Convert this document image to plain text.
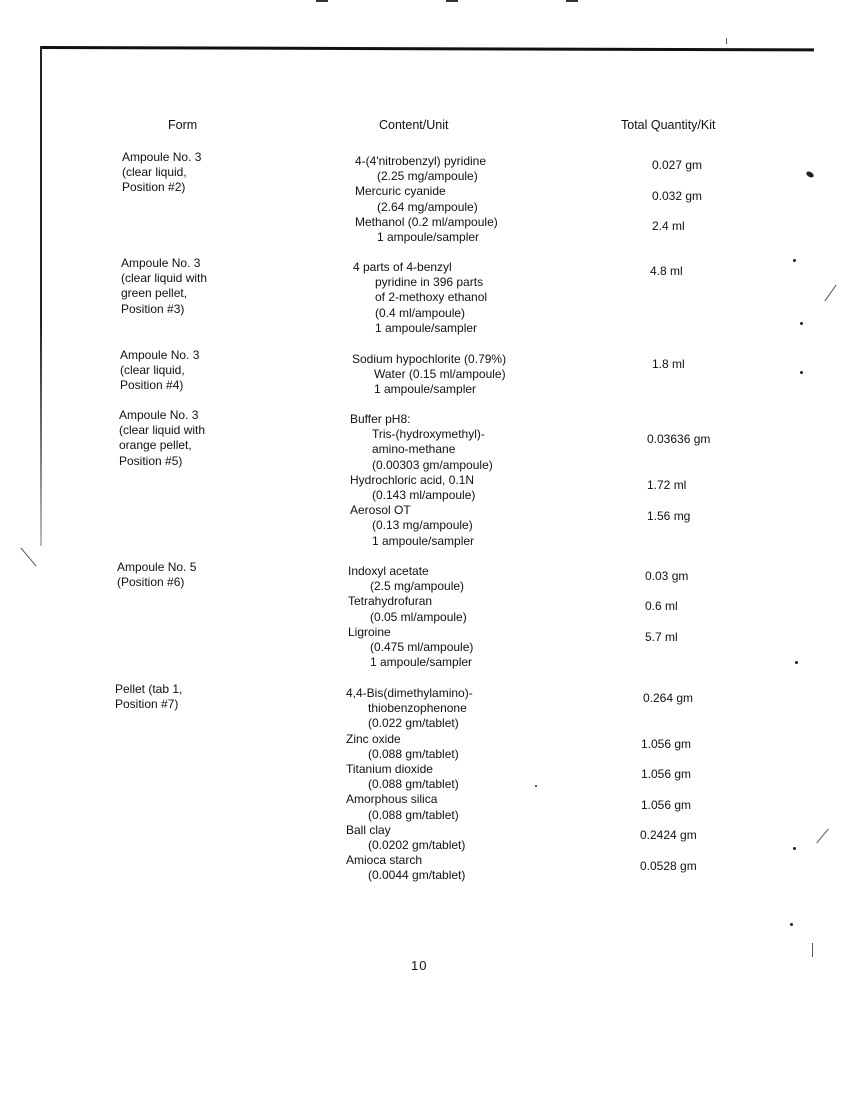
Form	Content/Unit	Total Quantity/Kit
Ampoule No. 3
(clear liquid,
Position #2)
4-(4'nitrobenzyl) pyridine
(2.25 mg/ampoule)
Mercuric cyanide
(2.64 mg/ampoule)
Methanol (0.2 ml/ampoule)
1 ampoule/sampler
0.027 gm
0.032 gm
2.4 ml
Ampoule No. 3
(clear liquid with
green pellet,
Position #3)
4 parts of 4-benzyl
pyridine in 396 parts
of 2-methoxy ethanol
(0.4 ml/ampoule)
1 ampoule/sampler
4.8 ml
Ampoule No. 3
(clear liquid,
Position #4)
Sodium hypochlorite (0.79%)
Water (0.15 ml/ampoule)
1 ampoule/sampler
1.8 ml
Ampoule No. 3
(clear liquid with
orange pellet,
Position #5)
Buffer pH8:
Tris-(hydroxymethyl)-
amino-methane
(0.00303 gm/ampoule)
Hydrochloric acid, 0.1N
(0.143 ml/ampoule)
Aerosol OT
(0.13 mg/ampoule)
1 ampoule/sampler
0.03636 gm
1.72 ml
1.56 mg
Ampoule No. 5
(Position #6)
Indoxyl acetate
(2.5 mg/ampoule)
Tetrahydrofuran
(0.05 ml/ampoule)
Ligroine
(0.475 ml/ampoule)
1 ampoule/sampler
0.03 gm
0.6 ml
5.7 ml
Pellet (tab 1,
Position #7)
4,4-Bis(dimethylamino)-
thiobenzophenone
(0.022 gm/tablet)
Zinc oxide
(0.088 gm/tablet)
Titanium dioxide
(0.088 gm/tablet)
Amorphous silica
(0.088 gm/tablet)
Ball clay
(0.0202 gm/tablet)
Amioca starch
(0.0044 gm/tablet)
0.264 gm
1.056 gm
1.056 gm
1.056 gm
0.2424 gm
0.0528 gm
10
